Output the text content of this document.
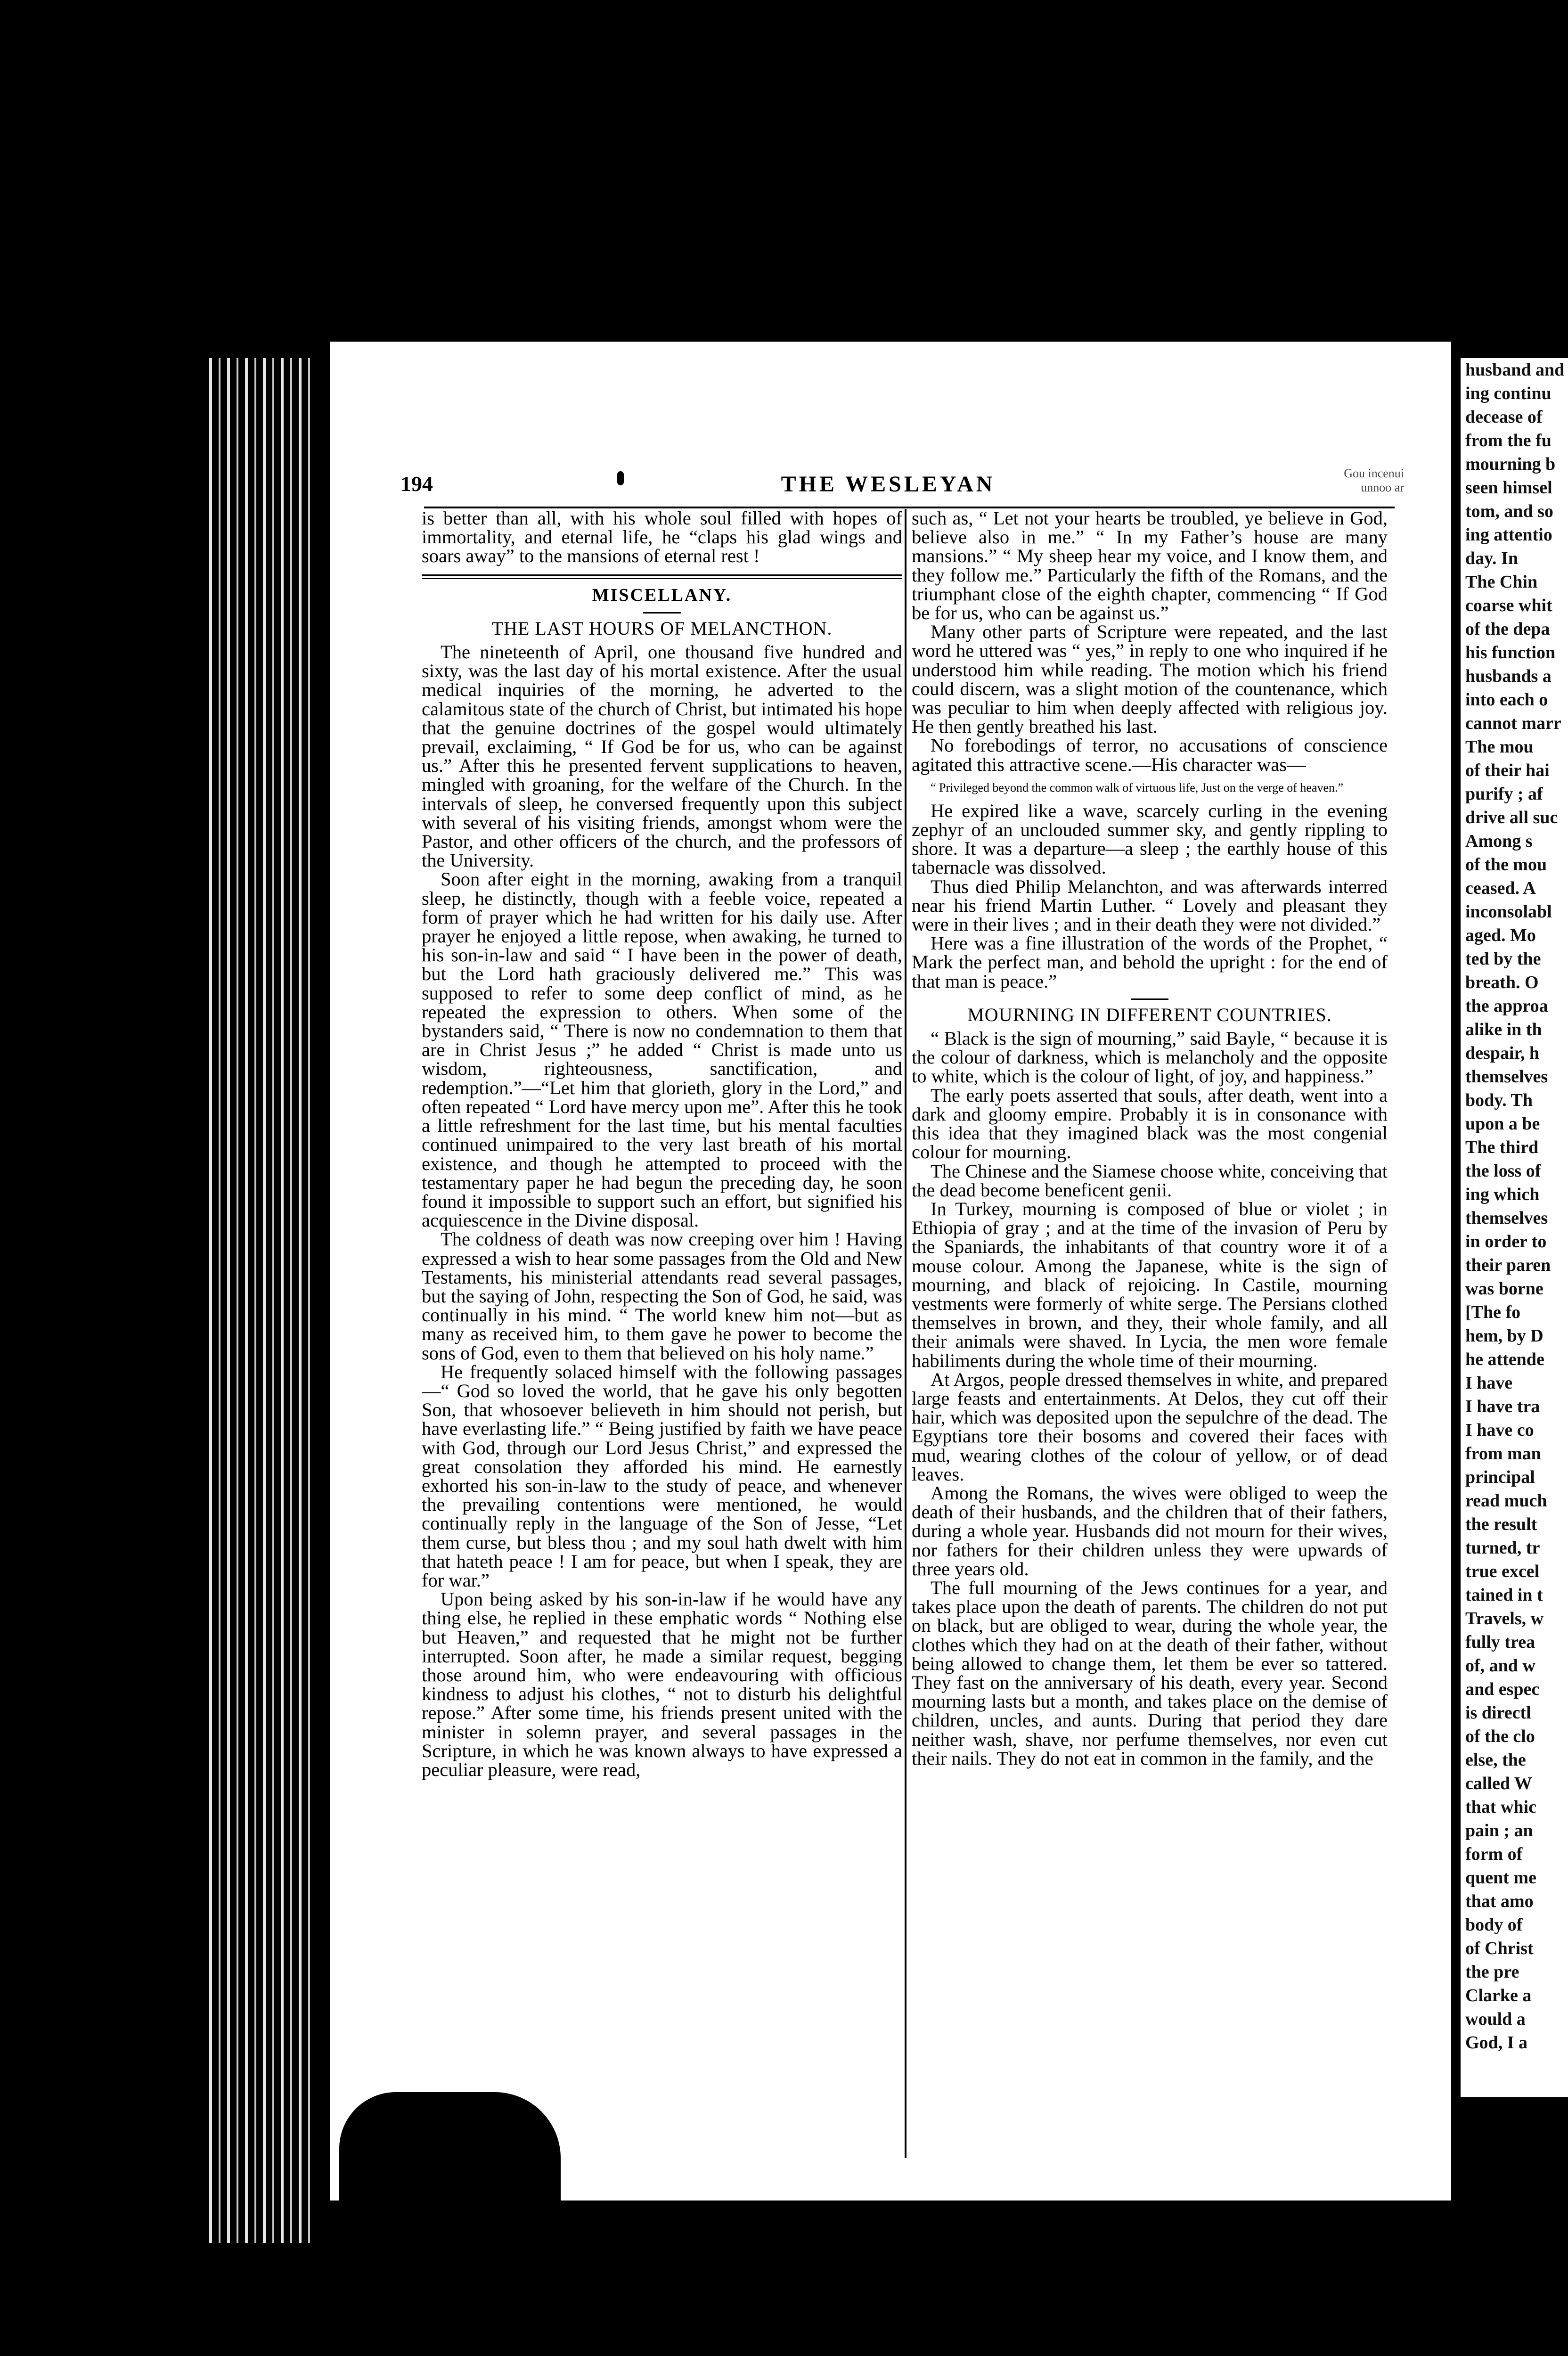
husband and
ing continu
decease of
from the fu
mourning b
seen himsel
tom, and so
ing attentio
day. In
The Chin
coarse whit
of the depa
his function
husbands a
into each o
cannot marr
The mou
of their hai
purify ; af
drive all suc
Among s
of the mou
ceased. A
inconsolabl
aged. Mo
ted by the
breath. O
the approa
alike in th
despair, h
themselves
body. Th
upon a be
The third
the loss of
ing which
themselves
in order to
their paren
was borne
[The fo
hem, by D
he attende
I have
I have tra
I have co
from man
principal
read much
the result
turned, tr
true excel
tained in t
Travels, w
fully trea
of, and w
and espec
is directl
of the clo
else, the
called W
that whic
pain ; an
form of
quent me
that amo
body of
of Christ
the pre
Clarke a
would a
God, I a
194	THE WESLEYAN	Gou incenui
unnoo ar

is better than all, with his whole soul filled with hopes of immortality, and eternal life, he “claps his glad wings and soars away” to the mansions of eternal rest !

MISCELLANY.
THE LAST HOURS OF MELANCTHON.

The nineteenth of April, one thousand five hundred and sixty, was the last day of his mortal existence. After the usual medical inquiries of the morning, he adverted to the calamitous state of the church of Christ, but intimated his hope that the genuine doctrines of the gospel would ultimately prevail, exclaiming, “ If God be for us, who can be against us.” After this he presented fervent supplications to heaven, mingled with groaning, for the welfare of the Church. In the intervals of sleep, he conversed frequently upon this subject with several of his visiting friends, amongst whom were the Pastor, and other officers of the church, and the professors of the University.

Soon after eight in the morning, awaking from a tranquil sleep, he distinctly, though with a feeble voice, repeated a form of prayer which he had written for his daily use. After prayer he enjoyed a little repose, when awaking, he turned to his son-in-law and said “ I have been in the power of death, but the Lord hath graciously delivered me.” This was supposed to refer to some deep conflict of mind, as he repeated the expression to others. When some of the bystanders said, “ There is now no condemnation to them that are in Christ Jesus ;” he added “ Christ is made unto us wisdom, righteousness, sanctification, and redemption.”—“Let him that glorieth, glory in the Lord,” and often repeated “ Lord have mercy upon me”. After this he took a little refreshment for the last time, but his mental faculties continued unimpaired to the very last breath of his mortal existence, and though he attempted to proceed with the testamentary paper he had begun the preceding day, he soon found it impossible to support such an effort, but signified his acquiescence in the Divine disposal.

The coldness of death was now creeping over him ! Having expressed a wish to hear some passages from the Old and New Testaments, his ministerial attendants read several passages, but the saying of John, respecting the Son of God, he said, was continually in his mind. “ The world knew him not—but as many as received him, to them gave he power to become the sons of God, even to them that believed on his holy name.”

He frequently solaced himself with the following passages—“ God so loved the world, that he gave his only begotten Son, that whosoever believeth in him should not perish, but have everlasting life.” “ Being justified by faith we have peace with God, through our Lord Jesus Christ,” and expressed the great consolation they afforded his mind. He earnestly exhorted his son-in-law to the study of peace, and whenever the prevailing contentions were mentioned, he would continually reply in the language of the Son of Jesse, “Let them curse, but bless thou ; and my soul hath dwelt with him that hateth peace ! I am for peace, but when I speak, they are for war.”

Upon being asked by his son-in-law if he would have any thing else, he replied in these emphatic words “ Nothing else but Heaven,” and requested that he might not be further interrupted. Soon after, he made a similar request, begging those around him, who were endeavouring with officious kindness to adjust his clothes, “ not to disturb his delightful repose.” After some time, his friends present united with the minister in solemn prayer, and several passages in the Scripture, in which he was known always to have expressed a peculiar pleasure, were read,

such as, “ Let not your hearts be troubled, ye believe in God, believe also in me.” “ In my Father’s house are many mansions.” “ My sheep hear my voice, and I know them, and they follow me.” Particularly the fifth of the Romans, and the triumphant close of the eighth chapter, commencing “ If God be for us, who can be against us.”

Many other parts of Scripture were repeated, and the last word he uttered was “ yes,” in reply to one who inquired if he understood him while reading. The motion which his friend could discern, was a slight motion of the countenance, which was peculiar to him when deeply affected with religious joy. He then gently breathed his last.

No forebodings of terror, no accusations of conscience agitated this attractive scene.—His character was—

“ Privileged beyond the common walk of virtuous life, Just on the verge of heaven.”

He expired like a wave, scarcely curling in the evening zephyr of an unclouded summer sky, and gently rippling to shore. It was a departure—a sleep ; the earthly house of this tabernacle was dissolved.

Thus died Philip Melanchton, and was afterwards interred near his friend Martin Luther. “ Lovely and pleasant they were in their lives ; and in their death they were not divided.”

Here was a fine illustration of the words of the Prophet, “ Mark the perfect man, and behold the upright : for the end of that man is peace.”

MOURNING IN DIFFERENT COUNTRIES.

“ Black is the sign of mourning,” said Bayle, “ because it is the colour of darkness, which is melancholy and the opposite to white, which is the colour of light, of joy, and happiness.”

The early poets asserted that souls, after death, went into a dark and gloomy empire. Probably it is in consonance with this idea that they imagined black was the most congenial colour for mourning.

The Chinese and the Siamese choose white, conceiving that the dead become beneficent genii.

In Turkey, mourning is composed of blue or violet ; in Ethiopia of gray ; and at the time of the invasion of Peru by the Spaniards, the inhabitants of that country wore it of a mouse colour. Among the Japanese, white is the sign of mourning, and black of rejoicing. In Castile, mourning vestments were formerly of white serge. The Persians clothed themselves in brown, and they, their whole family, and all their animals were shaved. In Lycia, the men wore female habiliments during the whole time of their mourning.

At Argos, people dressed themselves in white, and prepared large feasts and entertainments. At Delos, they cut off their hair, which was deposited upon the sepulchre of the dead. The Egyptians tore their bosoms and covered their faces with mud, wearing clothes of the colour of yellow, or of dead leaves.

Among the Romans, the wives were obliged to weep the death of their husbands, and the children that of their fathers, during a whole year. Husbands did not mourn for their wives, nor fathers for their children unless they were upwards of three years old.

The full mourning of the Jews continues for a year, and takes place upon the death of parents. The children do not put on black, but are obliged to wear, during the whole year, the clothes which they had on at the death of their father, without being allowed to change them, let them be ever so tattered. They fast on the anniversary of his death, every year. Second mourning lasts but a month, and takes place on the demise of children, uncles, and aunts. During that period they dare neither wash, shave, nor perfume themselves, nor even cut their nails. They do not eat in common in the family, and the
